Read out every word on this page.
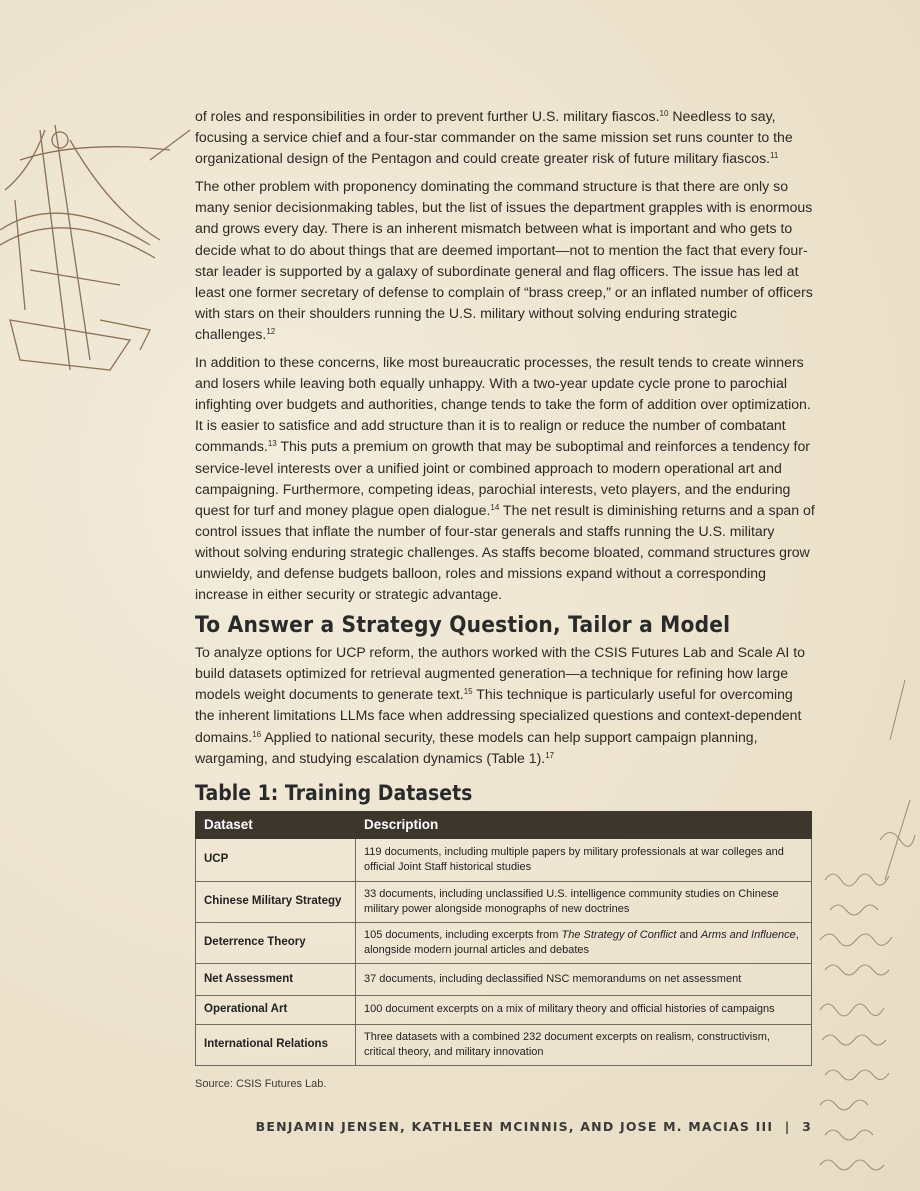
of roles and responsibilities in order to prevent further U.S. military fiascos.$^{10}$ Needless to say, focusing a service chief and a four-star commander on the same mission set runs counter to the organizational design of the Pentagon and could create greater risk of future military fiascos.$^{11}$

The other problem with proponency dominating the command structure is that there are only so many senior decisionmaking tables, but the list of issues the department grapples with is enormous and grows every day. There is an inherent mismatch between what is important and who gets to decide what to do about things that are deemed important—not to mention the fact that every four-star leader is supported by a galaxy of subordinate general and flag officers. The issue has led at least one former secretary of defense to complain of “brass creep,” or an inflated number of officers with stars on their shoulders running the U.S. military without solving enduring strategic challenges.$^{12}$

In addition to these concerns, like most bureaucratic processes, the result tends to create winners and losers while leaving both equally unhappy. With a two-year update cycle prone to parochial infighting over budgets and authorities, change tends to take the form of addition over optimization. It is easier to satisfice and add structure than it is to realign or reduce the number of combatant commands.$^{13}$ This puts a premium on growth that may be suboptimal and reinforces a tendency for service-level interests over a unified joint or combined approach to modern operational art and campaigning. Furthermore, competing ideas, parochial interests, veto players, and the enduring quest for turf and money plague open dialogue.$^{14}$ The net result is diminishing returns and a span of control issues that inflate the number of four-star generals and staffs running the U.S. military without solving enduring strategic challenges. As staffs become bloated, command structures grow unwieldy, and defense budgets balloon, roles and missions expand without a corresponding increase in either security or strategic advantage.

To Answer a Strategy Question, Tailor a Model

To analyze options for UCP reform, the authors worked with the CSIS Futures Lab and Scale AI to build datasets optimized for retrieval augmented generation—a technique for refining how large models weight documents to generate text.$^{15}$ This technique is particularly useful for overcoming the inherent limitations LLMs face when addressing specialized questions and context-dependent domains.$^{16}$ Applied to national security, these models can help support campaign planning, wargaming, and studying escalation dynamics (Table 1).$^{17}$

Table 1: Training Datasets
Dataset	Description
UCP	119 documents, including multiple papers by military professionals at war colleges and official Joint Staff historical studies
Chinese Military Strategy	33 documents, including unclassified U.S. intelligence community studies on Chinese military power alongside monographs of new doctrines
Deterrence Theory	105 documents, including excerpts from The Strategy of Conflict and Arms and Influence, alongside modern journal articles and debates
Net Assessment	37 documents, including declassified NSC memorandums on net assessment
Operational Art	100 document excerpts on a mix of military theory and official histories of campaigns
International Relations	Three datasets with a combined 232 document excerpts on realism, constructivism, critical theory, and military innovation
Source: CSIS Futures Lab.
BENJAMIN JENSEN, KATHLEEN MCINNIS, AND JOSE M. MACIAS III | 3
